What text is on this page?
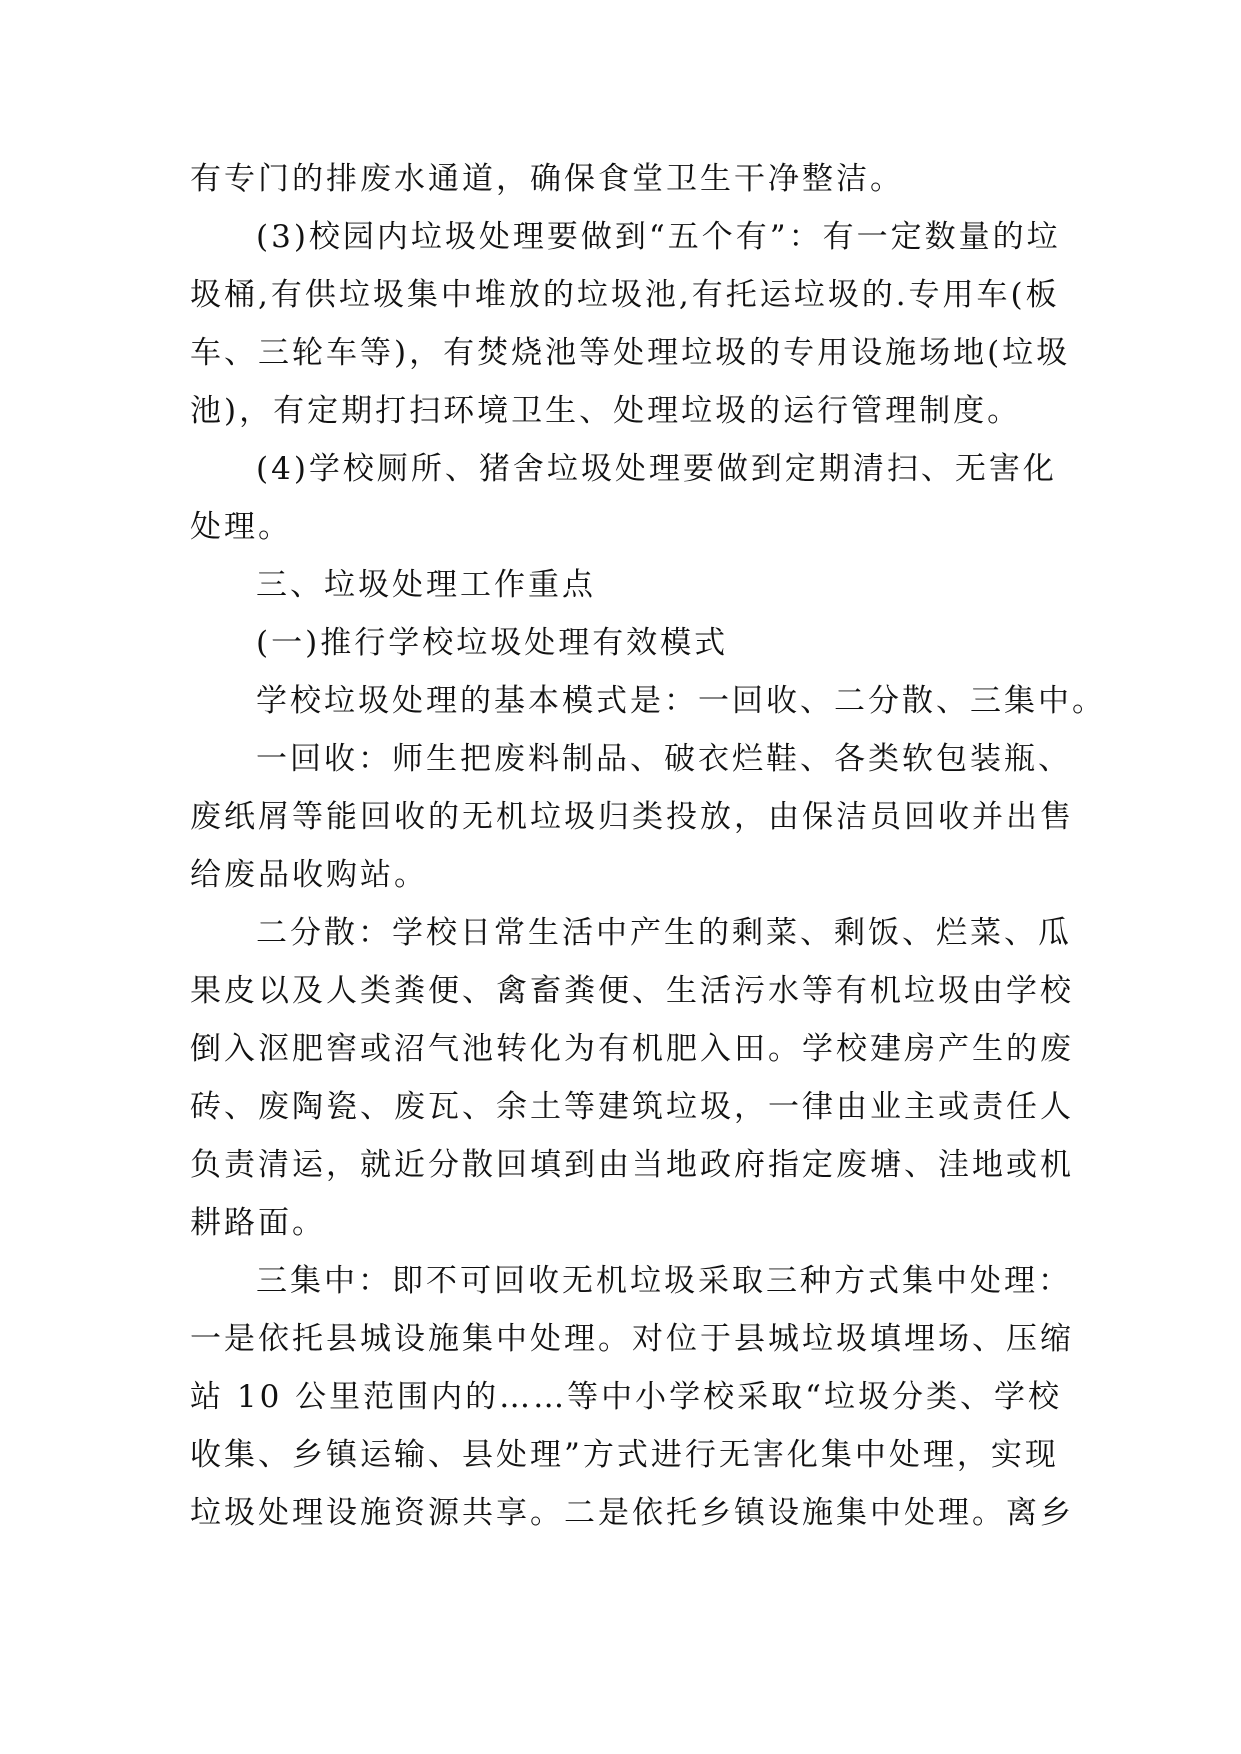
有专门的排废水通道，确保食堂卫生干净整洁。
(3)校园内垃圾处理要做到“五个有”：有一定数量的垃
圾桶,有供垃圾集中堆放的垃圾池,有托运垃圾的.专用车(板
车、三轮车等)，有焚烧池等处理垃圾的专用设施场地(垃圾
池)，有定期打扫环境卫生、处理垃圾的运行管理制度。
(4)学校厕所、猪舍垃圾处理要做到定期清扫、无害化
处理。
三、垃圾处理工作重点
(一)推行学校垃圾处理有效模式
学校垃圾处理的基本模式是：一回收、二分散、三集中。
一回收：师生把废料制品、破衣烂鞋、各类软包装瓶、
废纸屑等能回收的无机垃圾归类投放，由保洁员回收并出售
给废品收购站。
二分散：学校日常生活中产生的剩菜、剩饭、烂菜、瓜
果皮以及人类粪便、禽畜粪便、生活污水等有机垃圾由学校
倒入沤肥窖或沼气池转化为有机肥入田。学校建房产生的废
砖、废陶瓷、废瓦、余土等建筑垃圾，一律由业主或责任人
负责清运，就近分散回填到由当地政府指定废塘、洼地或机
耕路面。
三集中：即不可回收无机垃圾采取三种方式集中处理：
一是依托县城设施集中处理。对位于县城垃圾填埋场、压缩
站 10 公里范围内的……等中小学校采取“垃圾分类、学校
收集、乡镇运输、县处理”方式进行无害化集中处理，实现
垃圾处理设施资源共享。二是依托乡镇设施集中处理。离乡
